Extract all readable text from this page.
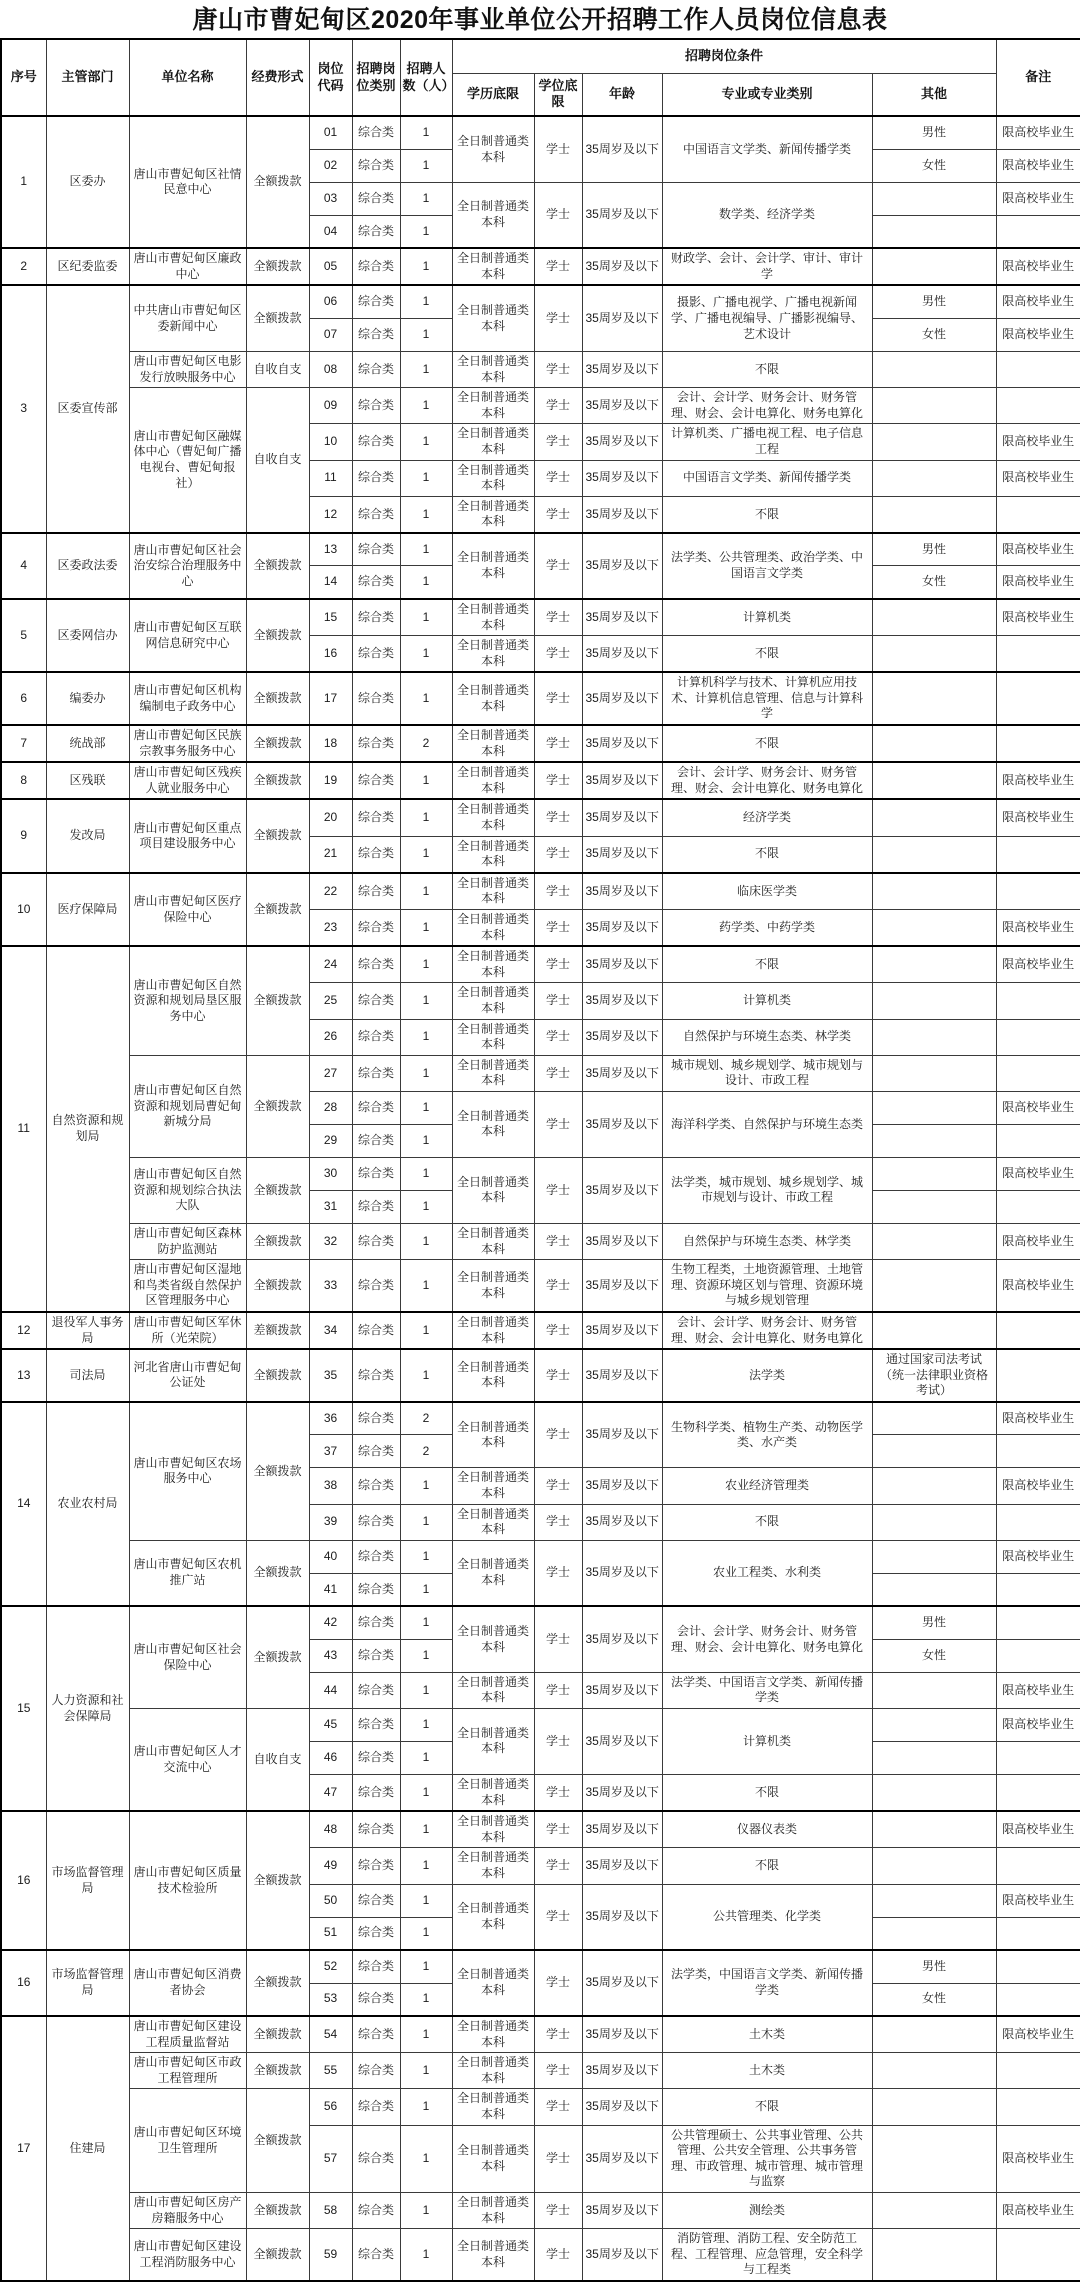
唐山市曹妃甸区2020年事业单位公开招聘工作人员岗位信息表
序号	主管部门	单位名称	经费形式	岗位代码	招聘岗位类别	招聘人数（人）	招聘岗位条件					备注
							学历底限	学位底限	年龄	专业或专业类别	其他	
1	区委办	唐山市曹妃甸区社情民意中心	全额拨款	01	综合类	1	全日制普通类本科	学士	35周岁及以下	中国语言文学类、新闻传播学类	男性	限高校毕业生
				02	综合类	1					女性	限高校毕业生
				03	综合类	1	全日制普通类本科	学士	35周岁及以下	数学类、经济学类		限高校毕业生
				04	综合类	1						
2	区纪委监委	唐山市曹妃甸区廉政中心	全额拨款	05	综合类	1	全日制普通类本科	学士	35周岁及以下	财政学、会计、会计学、审计、审计学		限高校毕业生
3	区委宣传部	中共唐山市曹妃甸区委新闻中心	全额拨款	06	综合类	1	全日制普通类本科	学士	35周岁及以下	摄影、广播电视学、广播电视新闻学、广播电视编导、广播影视编导、艺术设计	男性	限高校毕业生
				07	综合类	1					女性	限高校毕业生
		唐山市曹妃甸区电影发行放映服务中心	自收自支	08	综合类	1	全日制普通类本科	学士	35周岁及以下	不限		
		唐山市曹妃甸区融媒体中心（曹妃甸广播电视台、曹妃甸报社）	自收自支	09	综合类	1	全日制普通类本科	学士	35周岁及以下	会计、会计学、财务会计、财务管理、财会、会计电算化、财务电算化		
				10	综合类	1	全日制普通类本科	学士	35周岁及以下	计算机类、广播电视工程、电子信息工程		限高校毕业生
				11	综合类	1	全日制普通类本科	学士	35周岁及以下	中国语言文学类、新闻传播学类		限高校毕业生
				12	综合类	1	全日制普通类本科	学士	35周岁及以下	不限		
4	区委政法委	唐山市曹妃甸区社会治安综合治理服务中心	全额拨款	13	综合类	1	全日制普通类本科	学士	35周岁及以下	法学类、公共管理类、政治学类、中国语言文学类	男性	限高校毕业生
				14	综合类	1					女性	限高校毕业生
5	区委网信办	唐山市曹妃甸区互联网信息研究中心	全额拨款	15	综合类	1	全日制普通类本科	学士	35周岁及以下	计算机类		限高校毕业生
				16	综合类	1	全日制普通类本科	学士	35周岁及以下	不限		
6	编委办	唐山市曹妃甸区机构编制电子政务中心	全额拨款	17	综合类	1	全日制普通类本科	学士	35周岁及以下	计算机科学与技术、计算机应用技术、计算机信息管理、信息与计算科学		
7	统战部	唐山市曹妃甸区民族宗教事务服务中心	全额拨款	18	综合类	2	全日制普通类本科	学士	35周岁及以下	不限		
8	区残联	唐山市曹妃甸区残疾人就业服务中心	全额拨款	19	综合类	1	全日制普通类本科	学士	35周岁及以下	会计、会计学、财务会计、财务管理、财会、会计电算化、财务电算化		限高校毕业生
9	发改局	唐山市曹妃甸区重点项目建设服务中心	全额拨款	20	综合类	1	全日制普通类本科	学士	35周岁及以下	经济学类		限高校毕业生
				21	综合类	1	全日制普通类本科	学士	35周岁及以下	不限		
10	医疗保障局	唐山市曹妃甸区医疗保险中心	全额拨款	22	综合类	1	全日制普通类本科	学士	35周岁及以下	临床医学类		
				23	综合类	1	全日制普通类本科	学士	35周岁及以下	药学类、中药学类		限高校毕业生
11	自然资源和规划局	唐山市曹妃甸区自然资源和规划局垦区服务中心	全额拨款	24	综合类	1	全日制普通类本科	学士	35周岁及以下	不限		限高校毕业生
				25	综合类	1	全日制普通类本科	学士	35周岁及以下	计算机类		
				26	综合类	1	全日制普通类本科	学士	35周岁及以下	自然保护与环境生态类、林学类		
		唐山市曹妃甸区自然资源和规划局曹妃甸新城分局	全额拨款	27	综合类	1	全日制普通类本科	学士	35周岁及以下	城市规划、城乡规划学、城市规划与设计、市政工程		
				28	综合类	1	全日制普通类本科	学士	35周岁及以下	海洋科学类、自然保护与环境生态类		限高校毕业生
				29	综合类	1						
		唐山市曹妃甸区自然资源和规划综合执法大队	全额拨款	30	综合类	1	全日制普通类本科	学士	35周岁及以下	法学类，城市规划、城乡规划学、城市规划与设计、市政工程		限高校毕业生
				31	综合类	1						
		唐山市曹妃甸区森林防护监测站	全额拨款	32	综合类	1	全日制普通类本科	学士	35周岁及以下	自然保护与环境生态类、林学类		限高校毕业生
		唐山市曹妃甸区湿地和鸟类省级自然保护区管理服务中心	全额拨款	33	综合类	1	全日制普通类本科	学士	35周岁及以下	生物工程类，土地资源管理、土地管理、资源环境区划与管理、资源环境与城乡规划管理		限高校毕业生
12	退役军人事务局	唐山市曹妃甸区军休所（光荣院）	差额拨款	34	综合类	1	全日制普通类本科	学士	35周岁及以下	会计、会计学、财务会计、财务管理、财会、会计电算化、财务电算化		
13	司法局	河北省唐山市曹妃甸公证处	全额拨款	35	综合类	1	全日制普通类本科	学士	35周岁及以下	法学类	通过国家司法考试（统一法律职业资格考试）	
14	农业农村局	唐山市曹妃甸区农场服务中心	全额拨款	36	综合类	2	全日制普通类本科	学士	35周岁及以下	生物科学类、植物生产类、动物医学类、水产类		限高校毕业生
				37	综合类	2						
				38	综合类	1	全日制普通类本科	学士	35周岁及以下	农业经济管理类		限高校毕业生
				39	综合类	1	全日制普通类本科	学士	35周岁及以下	不限		
		唐山市曹妃甸区农机推广站	全额拨款	40	综合类	1	全日制普通类本科	学士	35周岁及以下	农业工程类、水利类		限高校毕业生
				41	综合类	1						
15	人力资源和社会保障局	唐山市曹妃甸区社会保险中心	全额拨款	42	综合类	1	全日制普通类本科	学士	35周岁及以下	会计、会计学、财务会计、财务管理、财会、会计电算化、财务电算化	男性	
				43	综合类	1					女性	
				44	综合类	1	全日制普通类本科	学士	35周岁及以下	法学类、中国语言文学类、新闻传播学类		限高校毕业生
		唐山市曹妃甸区人才交流中心	自收自支	45	综合类	1	全日制普通类本科	学士	35周岁及以下	计算机类		限高校毕业生
				46	综合类	1						
				47	综合类	1	全日制普通类本科	学士	35周岁及以下	不限		
16	市场监督管理局	唐山市曹妃甸区质量技术检验所	全额拨款	48	综合类	1	全日制普通类本科	学士	35周岁及以下	仪器仪表类		限高校毕业生
				49	综合类	1	全日制普通类本科	学士	35周岁及以下	不限		
				50	综合类	1	全日制普通类本科	学士	35周岁及以下	公共管理类、化学类		限高校毕业生
				51	综合类	1						
16	市场监督管理局	唐山市曹妃甸区消费者协会	全额拨款	52	综合类	1	全日制普通类本科	学士	35周岁及以下	法学类，中国语言文学类、新闻传播学类	男性	
				53	综合类	1					女性	
17	住建局	唐山市曹妃甸区建设工程质量监督站	全额拨款	54	综合类	1	全日制普通类本科	学士	35周岁及以下	土木类		限高校毕业生
		唐山市曹妃甸区市政工程管理所	全额拨款	55	综合类	1	全日制普通类本科	学士	35周岁及以下	土木类		
		唐山市曹妃甸区环境卫生管理所	全额拨款	56	综合类	1	全日制普通类本科	学士	35周岁及以下	不限		
				57	综合类	1	全日制普通类本科	学士	35周岁及以下	公共管理硕士、公共事业管理、公共管理、公共安全管理、公共事务管理、市政管理、城市管理、城市管理与监察		限高校毕业生
		唐山市曹妃甸区房产房籍服务中心	全额拨款	58	综合类	1	全日制普通类本科	学士	35周岁及以下	测绘类		限高校毕业生
		唐山市曹妃甸区建设工程消防服务中心	全额拨款	59	综合类	1	全日制普通类本科	学士	35周岁及以下	消防管理、消防工程、安全防范工程、工程管理、应急管理，安全科学与工程类		
